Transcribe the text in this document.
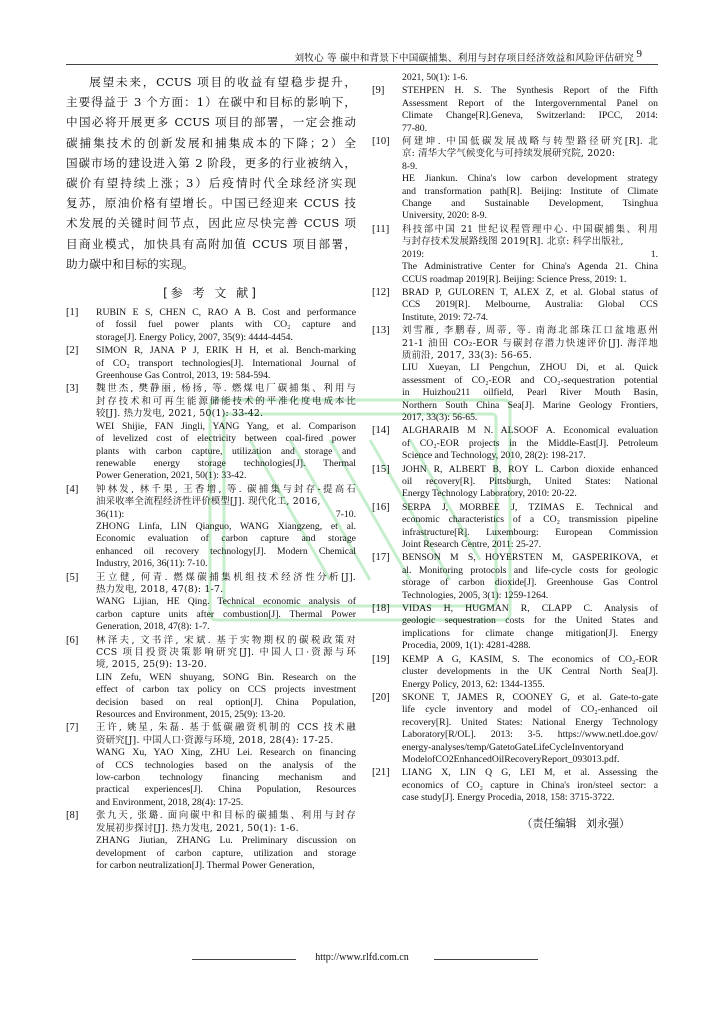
刘牧心 等 碳中和背景下中国碳捕集、利用与封存项目经济效益和风险评估研究 9
展望未来，CCUS 项目的收益有望稳步提升，
主要得益于 3 个方面：1）在碳中和目标的影响下，
中国必将开展更多 CCUS 项目的部署，一定会推动
碳捕集技术的创新发展和捕集成本的下降；2）全
国碳市场的建设进入第 2 阶段，更多的行业被纳入，
碳价有望持续上涨；3）后疫情时代全球经济实现
复苏，原油价格有望增长。中国已经迎来 CCUS 技
术发展的关键时间节点，因此应尽快完善 CCUS 项
目商业模式，加快具有高附加值 CCUS 项目部署，
助力碳中和目标的实现。
[参 考 文 献]
[1]	RUBIN E S, CHEN C, RAO A B. Cost and performance
of fossil fuel power plants with CO₂ capture and
storage[J]. Energy Policy, 2007, 35(9): 4444-4454.
[2]	SIMON R, JANA P J, ERIK H H, et al. Bench-marking
of CO₂ transport technologies[J]. International Journal of
Greenhouse Gas Control, 2013, 19: 584-594.
[3]	魏世杰, 樊静丽, 杨扬, 等. 燃煤电厂碳捕集、利用与
封存技术和可再生能源储能技术的平准化度电成本比
较[J]. 热力发电, 2021, 50(1): 33-42.
WEI Shijie, FAN Jingli, YANG Yang, et al. Comparison
of levelized cost of electricity between coal-fired power
plants with carbon capture, utilization and storage and
renewable energy storage technologies[J]. Thermal
Power Generation, 2021, 50(1): 33-42.
[4]	钟林发, 林千果, 王香增, 等. 碳捕集与封存-提高石
油采收率全流程经济性评价模型[J]. 现代化工, 2016,
36(11): 7-10.
ZHONG Linfa, LIN Qianguo, WANG Xiangzeng, et al.
Economic evaluation of carbon capture and storage
enhanced oil recovery technology[J]. Modern Chemical
Industry, 2016, 36(11): 7-10.
[5]	王立健, 何青. 燃煤碳捕集机组技术经济性分析[J].
热力发电, 2018, 47(8): 1-7.
WANG Lijian, HE Qing. Technical economic analysis of
carbon capture units after combustion[J]. Thermal Power
Generation, 2018, 47(8): 1-7.
[6]	林泽夫, 文书洋, 宋斌. 基于实物期权的碳税政策对
CCS 项目投资决策影响研究[J]. 中国人口·资源与环
境, 2015, 25(9): 13-20.
LIN Zefu, WEN shuyang, SONG Bin. Research on the
effect of carbon tax policy on CCS projects investment
decision based on real option[J]. China Population,
Resources and Environment, 2015, 25(9): 13-20.
[7]	王许, 姚星, 朱磊. 基于低碳融资机制的 CCS 技术融
资研究[J]. 中国人口·资源与环境, 2018, 28(4): 17-25.
WANG Xu, YAO Xing, ZHU Lei. Research on financing
of CCS technologies based on the analysis of the
low-carbon technology financing mechanism and
practical experiences[J]. China Population, Resources
and Environment, 2018, 28(4): 17-25.
[8]	张九天, 张璐. 面向碳中和目标的碳捕集、利用与封存
发展初步探讨[J]. 热力发电, 2021, 50(1): 1-6.
ZHANG Jiutian, ZHANG Lu. Preliminary discussion on
development of carbon capture, utilization and storage
for carbon neutralization[J]. Thermal Power Generation,
2021, 50(1): 1-6.
[9]	STEHPEN H. S. The Synthesis Report of the Fifth
Assessment Report of the Intergovernmental Panel on
Climate Change[R].Geneva, Switzerland: IPCC, 2014:
77-80.
[10]	何建坤. 中国低碳发展战略与转型路径研究[R]. 北
京: 清华大学气候变化与可持续发展研究院, 2020:
8-9.
HE Jiankun. China's low carbon development strategy
and transformation path[R]. Beijing: Institute of Climate
Change and Sustainable Development, Tsinghua
University, 2020: 8-9.
[11]	科技部中国 21 世纪议程管理中心. 中国碳捕集、利用
与封存技术发展路线图 2019[R]. 北京: 科学出版社,
2019: 1.
The Administrative Center for China's Agenda 21. China
CCUS roadmap 2019[R]. Beijing: Science Press, 2019: 1.
[12]	BRAD P, GULOREN T, ALEX Z, et al. Global status of
CCS 2019[R]. Melbourne, Australia: Global CCS
Institute, 2019: 72-74.
[13]	刘雪雁, 李鹏春, 周蒂, 等. 南海北部珠江口盆地惠州
21-1 油田 CO₂-EOR 与碳封存潜力快速评价[J]. 海洋地
质前沿, 2017, 33(3): 56-65.
LIU Xueyan, LI Pengchun, ZHOU Di, et al. Quick
assessment of CO₂-EOR and CO₂-sequestration potential
in Huizhou211 oilfield, Pearl River Mouth Basin,
Northern South China Sea[J]. Marine Geology Frontiers,
2017, 33(3): 56-65.
[14]	ALGHARAIB M N. ALSOOF A. Economical evaluation
of CO₂-EOR projects in the Middle-East[J]. Petroleum
Science and Technology, 2010, 28(2): 198-217.
[15]	JOHN R, ALBERT B, ROY L. Carbon dioxide enhanced
oil recovery[R]. Pittsburgh, United States: National
Energy Technology Laboratory, 2010: 20-22.
[16]	SERPA J, MORBEE J, TZIMAS E. Technical and
economic characteristics of a CO₂ transmission pipeline
infrastructure[R]. Luxembourg: European Commission
Joint Research Centre, 2011: 25-27.
[17]	BENSON M S, HOYERSTEN M, GASPERIKOVA, et
al. Monitoring protocols and life-cycle costs for geologic
storage of carbon dioxide[J]. Greenhouse Gas Control
Technologies, 2005, 3(1): 1259-1264.
[18]	VIDAS H, HUGMAN R, CLAPP C. Analysis of
geologic sequestration costs for the United States and
implications for climate change mitigation[J]. Energy
Procedia, 2009, 1(1): 4281-4288.
[19]	KEMP A G, KASIM, S. The economics of CO₂-EOR
cluster developments in the UK Central North Sea[J].
Energy Policy, 2013, 62: 1344-1355.
[20]	SKONE T, JAMES R, COONEY G, et al. Gate-to-gate
life cycle inventory and model of CO₂-enhanced oil
recovery[R]. United States: National Energy Technology
Laboratory[R/OL]. 2013: 3-5. https://www.netl.doe.gov/
energy-analyses/temp/GatetoGateLifeCycleInventoryand
ModelofCO2EnhancedOilRecoveryReport_093013.pdf.
[21]	LIANG X, LIN Q G, LEI M, et al. Assessing the
economics of CO₂ capture in China's iron/steel sector: a
case study[J]. Energy Procedia, 2018, 158: 3715-3722.
（责任编辑 刘永强）
http://www.rlfd.com.cn
